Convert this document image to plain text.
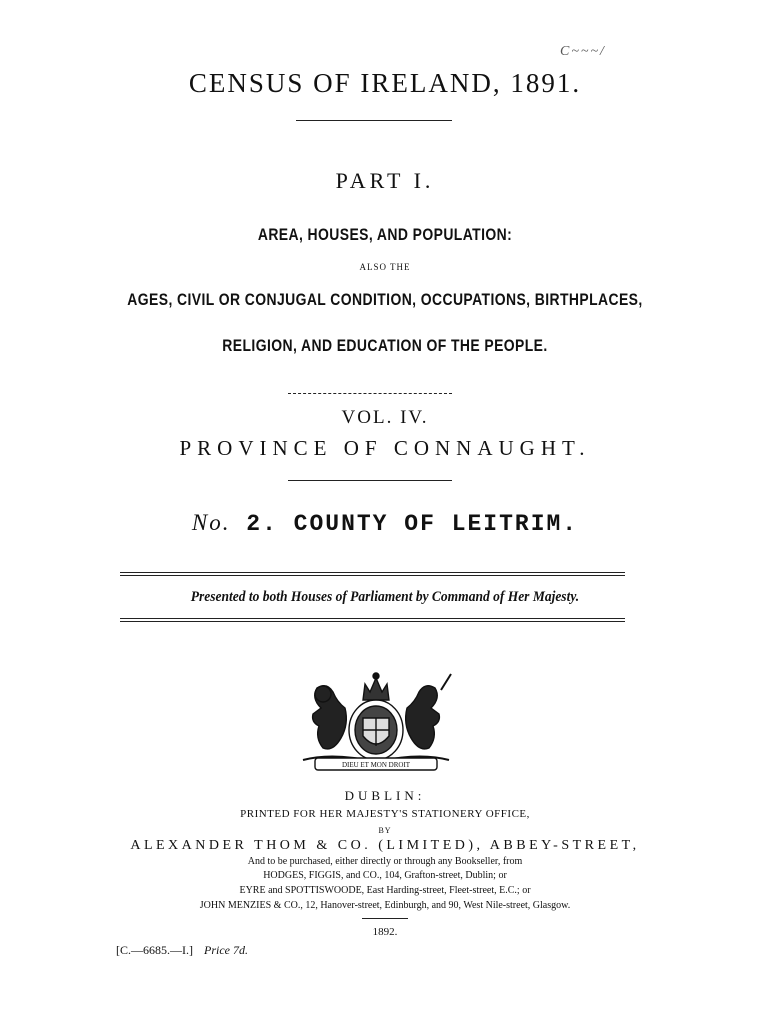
C~~~/
CENSUS OF IRELAND, 1891.
PART I.
AREA, HOUSES, AND POPULATION:
ALSO THE
AGES, CIVIL OR CONJUGAL CONDITION, OCCUPATIONS, BIRTHPLACES,
RELIGION, AND EDUCATION OF THE PEOPLE.
VOL. IV.
PROVINCE OF CONNAUGHT.
No. 2. COUNTY OF LEITRIM.
Presented to both Houses of Parliament by Command of Her Majesty.
DIEU ET MON DROIT
DUBLIN:
PRINTED FOR HER MAJESTY'S STATIONERY OFFICE,
BY
ALEXANDER THOM & CO. (LIMITED), ABBEY-STREET,
And to be purchased, either directly or through any Bookseller, from
HODGES, FIGGIS, and CO., 104, Grafton-street, Dublin; or
EYRE and SPOTTISWOODE, East Harding-street, Fleet-street, E.C.; or
JOHN MENZIES & CO., 12, Hanover-street, Edinburgh, and 90, West Nile-street, Glasgow.
1892.
[C.—6685.—I.] Price 7d.
